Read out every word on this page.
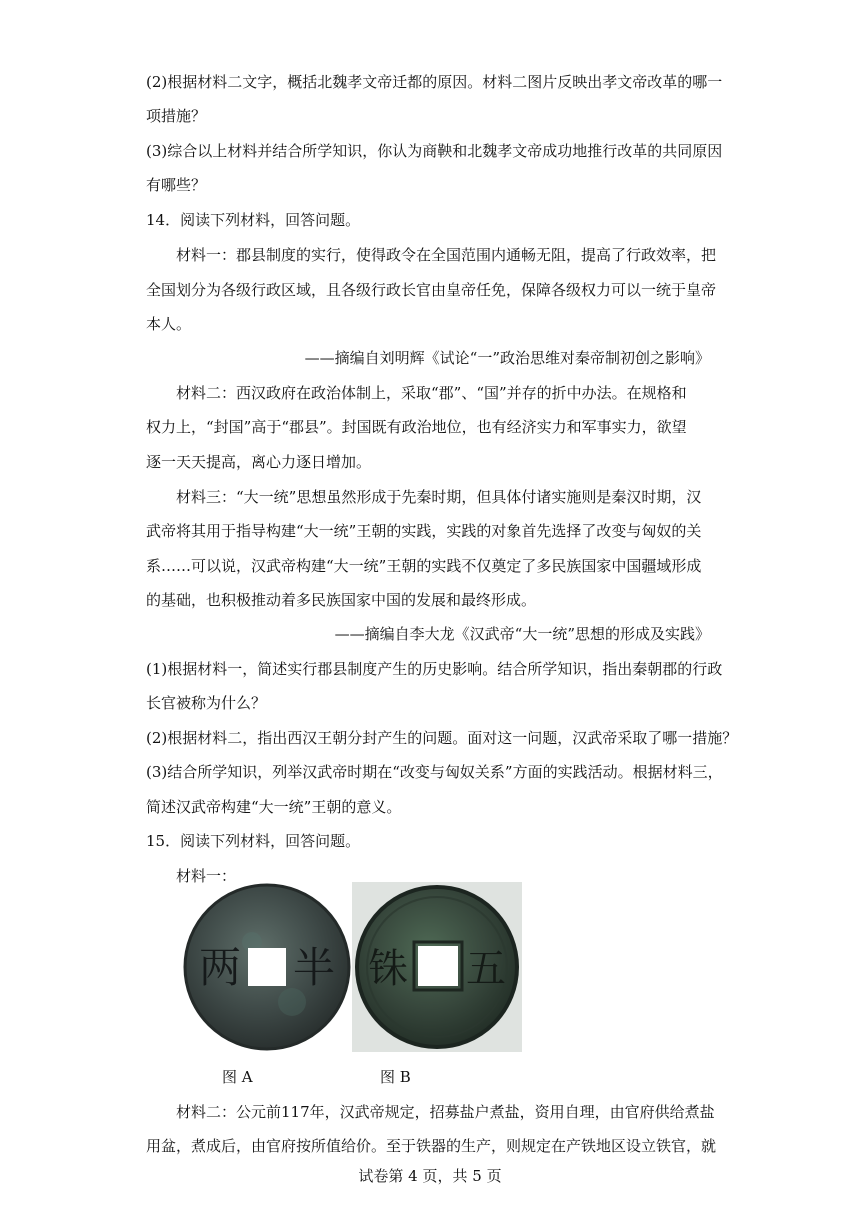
(2)根据材料二文字，概括北魏孝文帝迁都的原因。材料二图片反映出孝文帝改革的哪一
项措施？
(3)综合以上材料并结合所学知识，你认为商鞅和北魏孝文帝成功地推行改革的共同原因
有哪些？
14．阅读下列材料，回答问题。
材料一：郡县制度的实行，使得政令在全国范围内通畅无阻，提高了行政效率，把
全国划分为各级行政区域，且各级行政长官由皇帝任免，保障各级权力可以一统于皇帝
本人。
——摘编自刘明辉《试论“一”政治思维对秦帝制初创之影响》
材料二：西汉政府在政治体制上，采取“郡”、“国”并存的折中办法。在规格和
权力上，“封国”高于“郡县”。封国既有政治地位，也有经济实力和军事实力，欲望
逐一天天提高，离心力逐日增加。
材料三：“大一统”思想虽然形成于先秦时期，但具体付诸实施则是秦汉时期，汉
武帝将其用于指导构建“大一统”王朝的实践，实践的对象首先选择了改变与匈奴的关
系……可以说，汉武帝构建“大一统”王朝的实践不仅奠定了多民族国家中国疆域形成
的基础，也积极推动着多民族国家中国的发展和最终形成。
——摘编自李大龙《汉武帝“大一统”思想的形成及实践》
(1)根据材料一，简述实行郡县制度产生的历史影响。结合所学知识，指出秦朝郡的行政
长官被称为什么？
(2)根据材料二，指出西汉王朝分封产生的问题。面对这一问题，汉武帝采取了哪一措施？
(3)结合所学知识，列举汉武帝时期在“改变与匈奴关系”方面的实践活动。根据材料三，
简述汉武帝构建“大一统”王朝的意义。
15．阅读下列材料，回答问题。
材料一：
两 半 铢 五
图 A	图 B
材料二：公元前117年，汉武帝规定，招募盐户煮盐，资用自理，由官府供给煮盐
用盆，煮成后，由官府按所值给价。至于铁器的生产，则规定在产铁地区设立铁官，就
试卷第 4 页，共 5 页
